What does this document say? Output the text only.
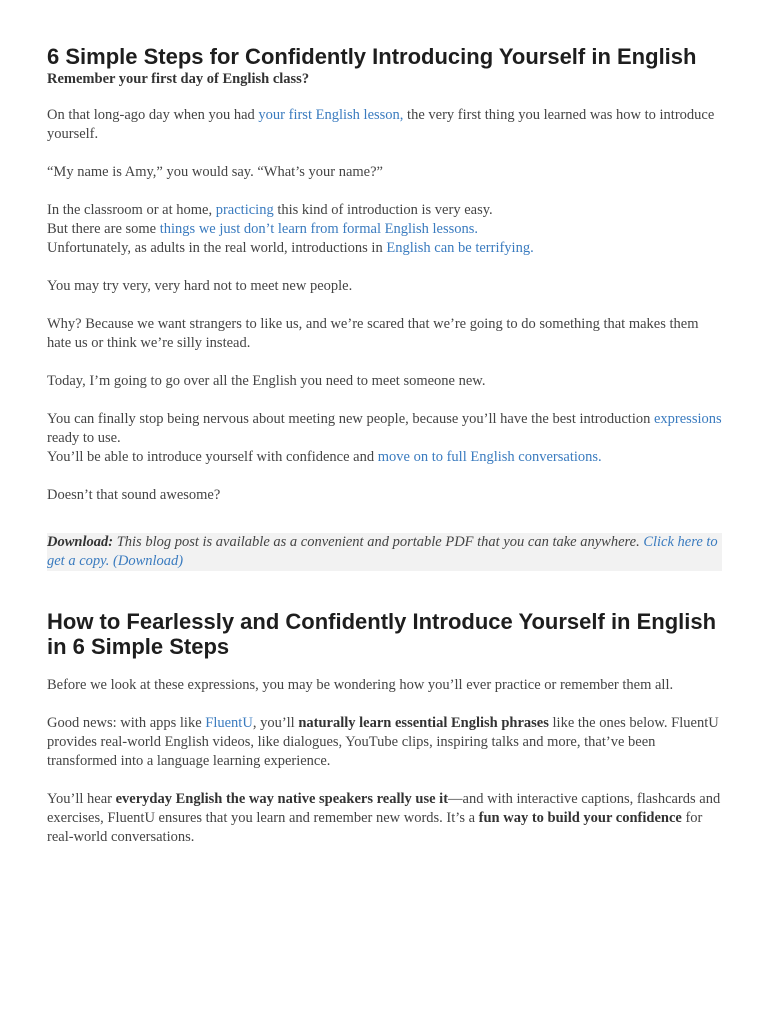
6 Simple Steps for Confidently Introducing Yourself in English
Remember your first day of English class?

On that long-ago day when you had your first English lesson, the very first thing you learned was how to introduce yourself.

“My name is Amy,” you would say. “What’s your name?”

In the classroom or at home, practicing this kind of introduction is very easy.
But there are some things we just don’t learn from formal English lessons.
Unfortunately, as adults in the real world, introductions in English can be terrifying.

You may try very, very hard not to meet new people.

Why? Because we want strangers to like us, and we’re scared that we’re going to do something that makes them hate us or think we’re silly instead.

Today, I’m going to go over all the English you need to meet someone new.

You can finally stop being nervous about meeting new people, because you’ll have the best introduction expressions ready to use.
You’ll be able to introduce yourself with confidence and move on to full English conversations.

Doesn’t that sound awesome?

Download: This blog post is available as a convenient and portable PDF that you can take anywhere. Click here to get a copy. (Download)
How to Fearlessly and Confidently Introduce Yourself in English in 6 Simple Steps

Before we look at these expressions, you may be wondering how you’ll ever practice or remember them all.

Good news: with apps like FluentU, you’ll naturally learn essential English phrases like the ones below. FluentU provides real-world English videos, like dialogues, YouTube clips, inspiring talks and more, that’ve been transformed into a language learning experience.

You’ll hear everyday English the way native speakers really use it—and with interactive captions, flashcards and exercises, FluentU ensures that you learn and remember new words. It’s a fun way to build your confidence for real-world conversations.
